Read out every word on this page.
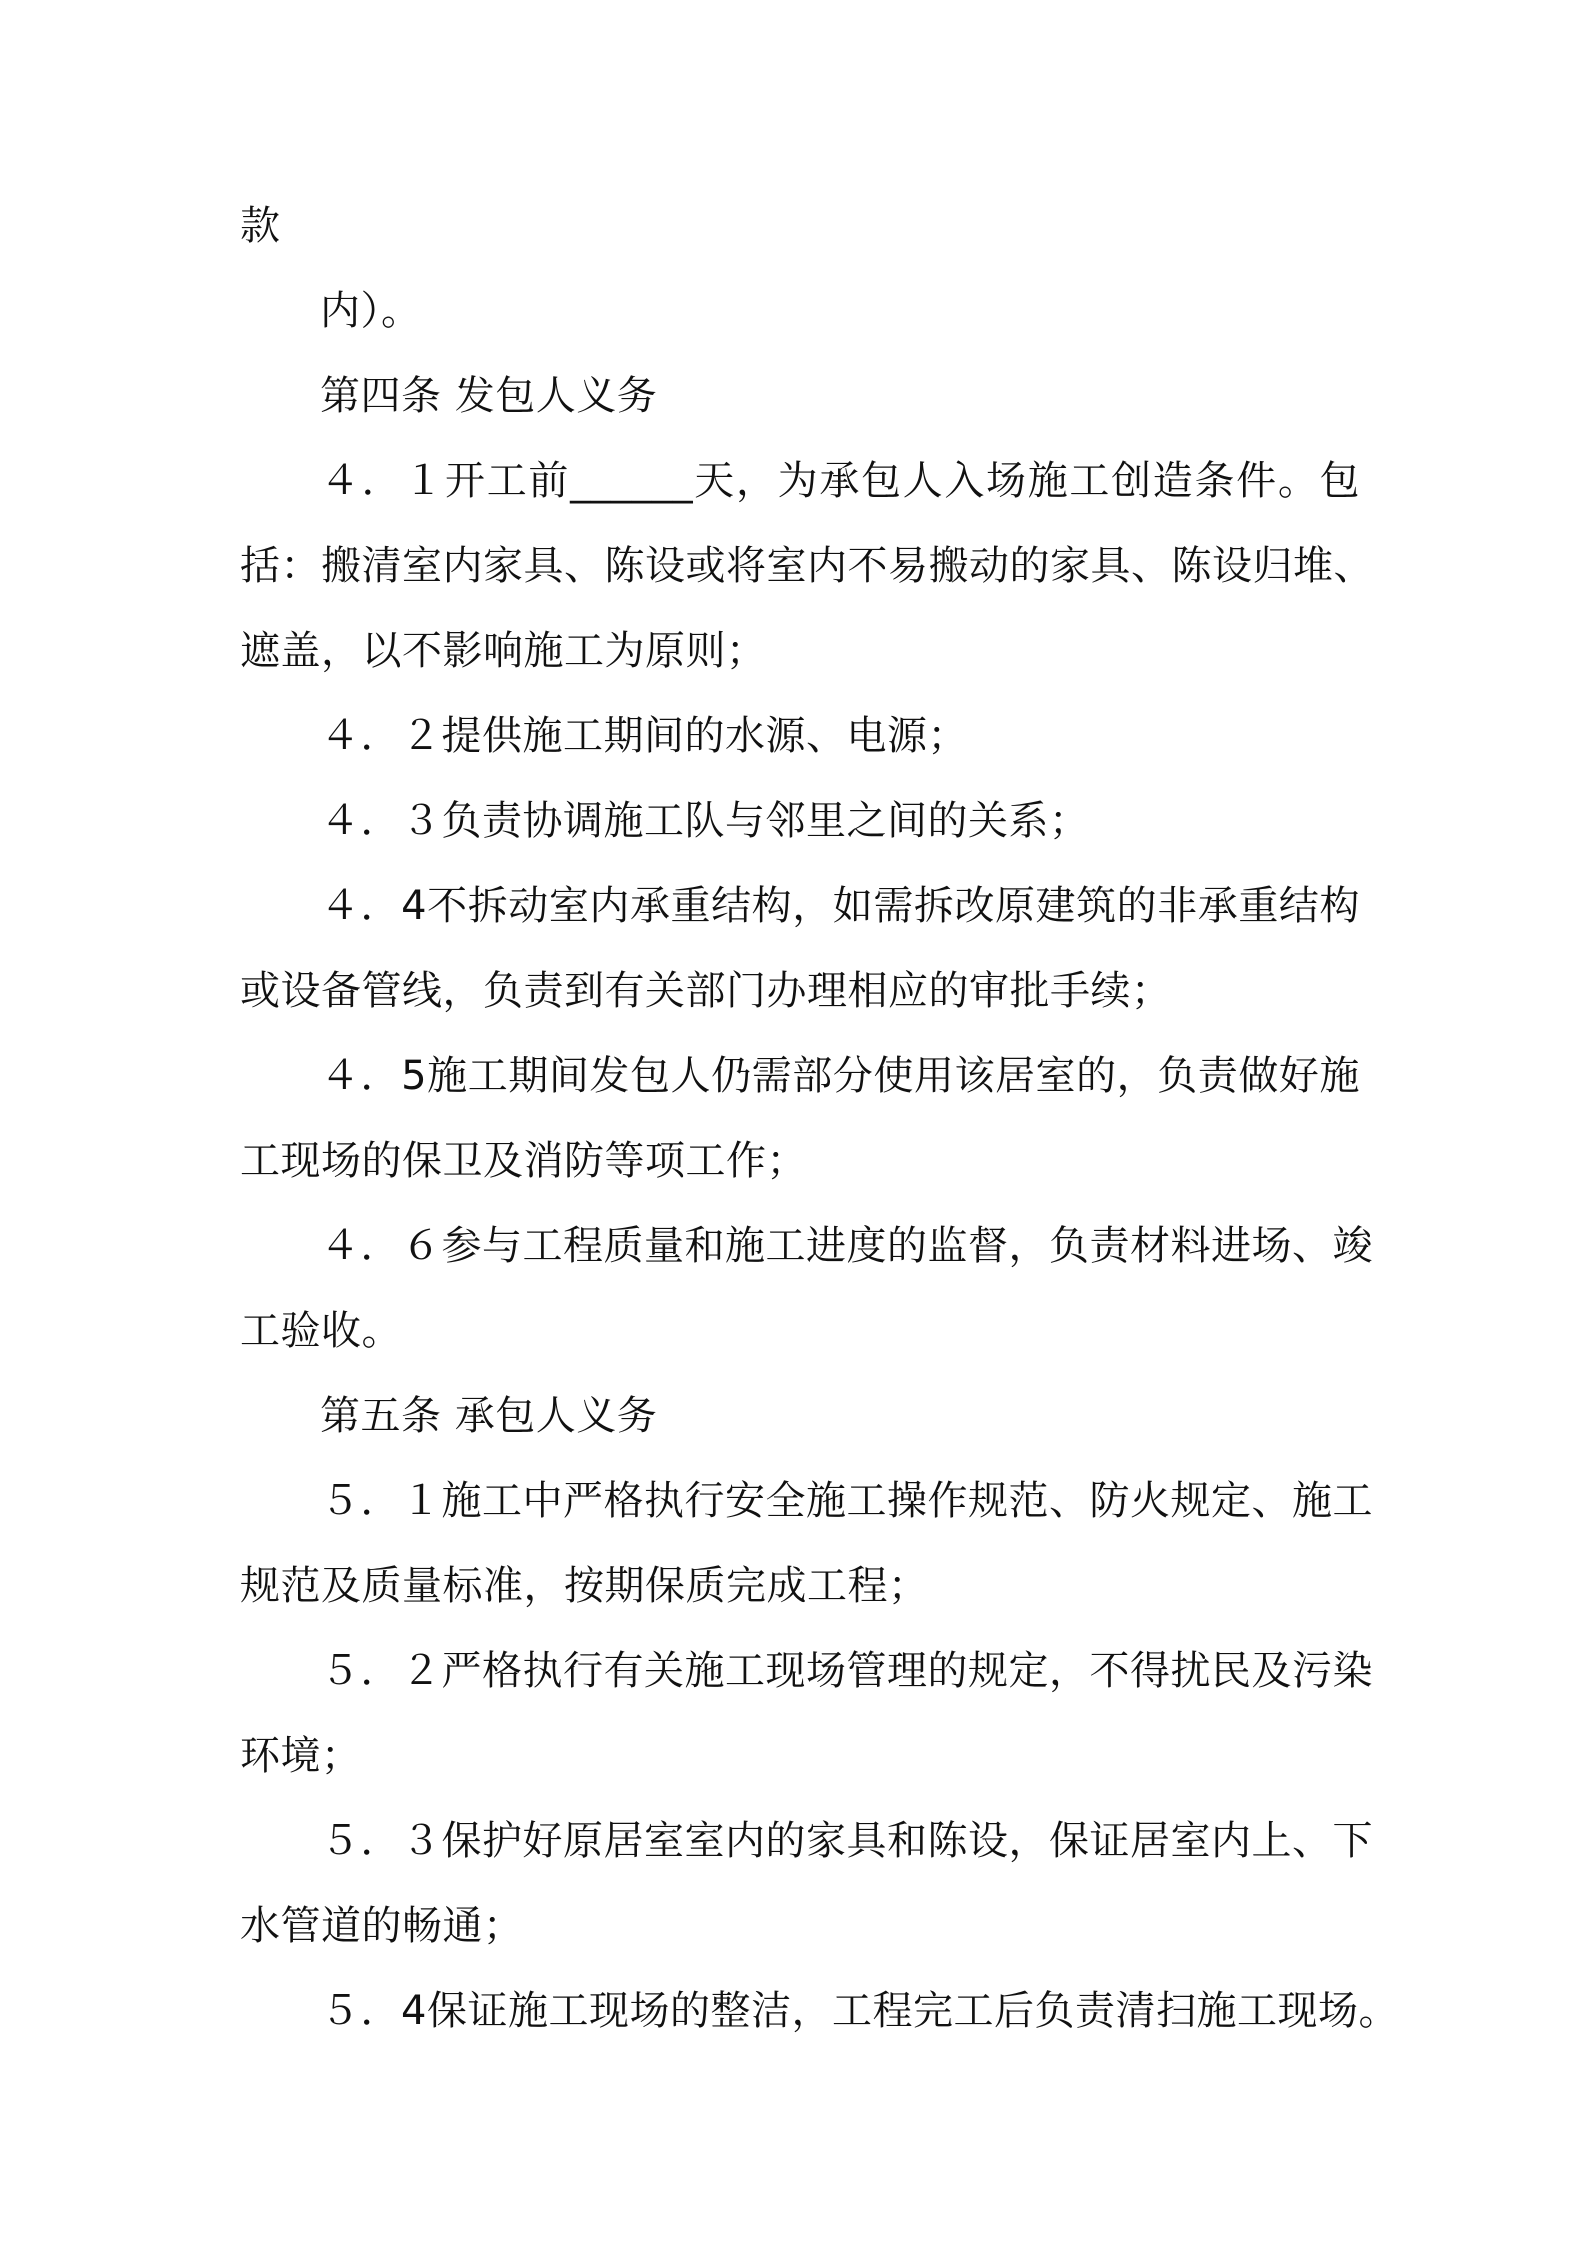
款
内）。
第四条 发包人义务
４．１开工前______天，为承包人入场施工创造条件。包
括：搬清室内家具、陈设或将室内不易搬动的家具、陈设归堆、
遮盖，以不影响施工为原则；
４．２提供施工期间的水源、电源；
４．３负责协调施工队与邻里之间的关系；
４．4不拆动室内承重结构，如需拆改原建筑的非承重结构
或设备管线，负责到有关部门办理相应的审批手续；
４．5施工期间发包人仍需部分使用该居室的，负责做好施
工现场的保卫及消防等项工作；
４．６参与工程质量和施工进度的监督，负责材料进场、竣
工验收。
第五条 承包人义务
５．１施工中严格执行安全施工操作规范、防火规定、施工
规范及质量标准，按期保质完成工程；
５．２严格执行有关施工现场管理的规定，不得扰民及污染
环境；
５．３保护好原居室室内的家具和陈设，保证居室内上、下
水管道的畅通；
５．4保证施工现场的整洁，工程完工后负责清扫施工现场。
